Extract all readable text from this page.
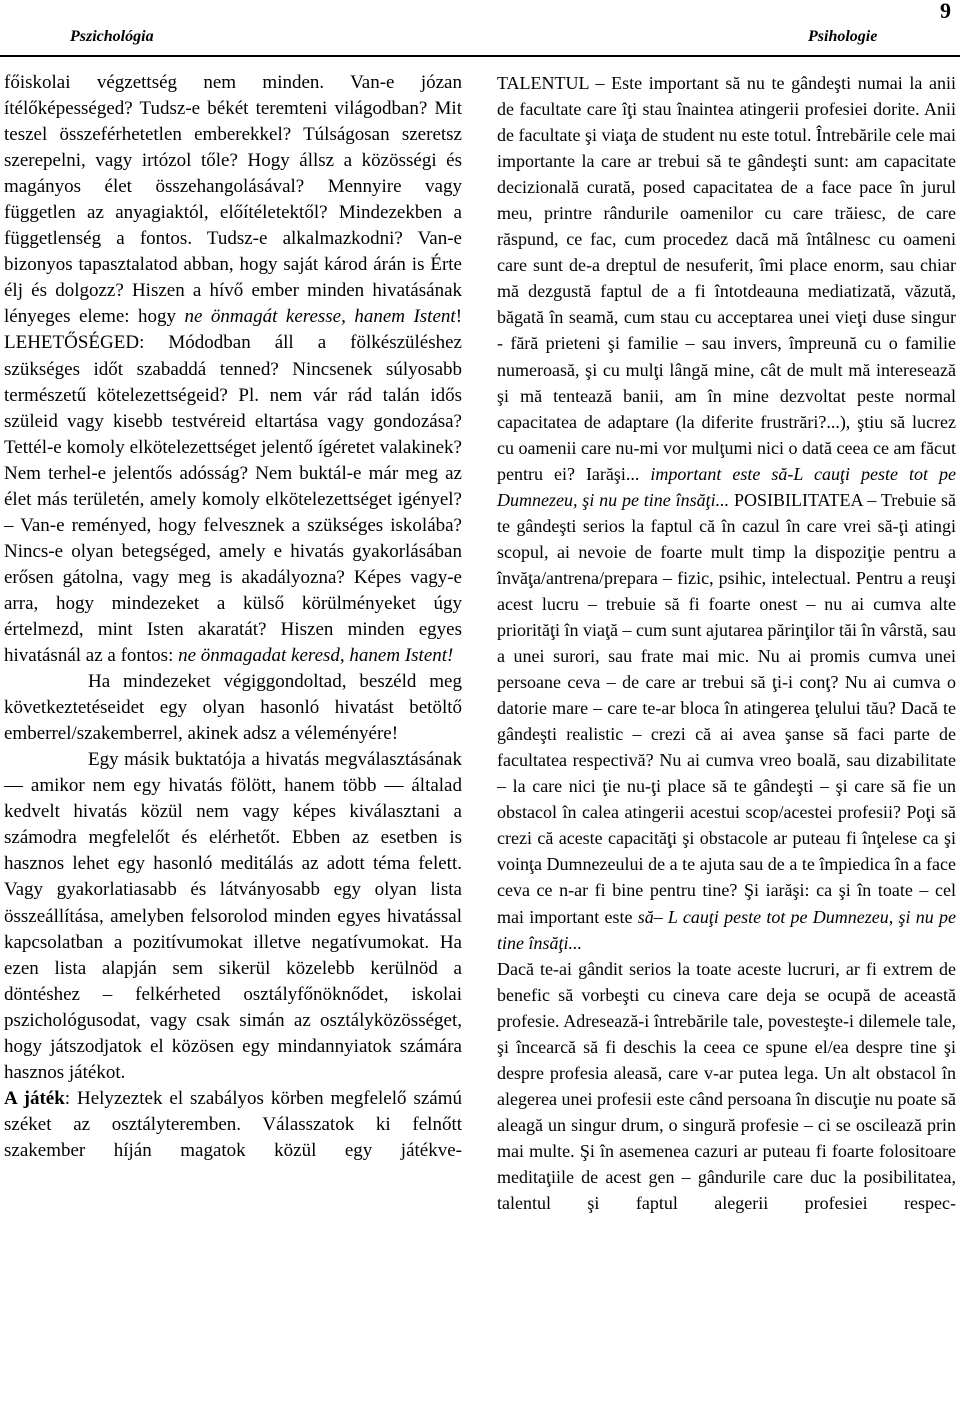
Pszichológia	Psihologie
9

főiskolai végzettség nem minden. Van-e józan ítélőképességed? Tudsz-e békét teremteni világodban? Mit teszel összeférhetetlen emberekkel? Túlságosan szeretsz szerepelni, vagy irtózol tőle? Hogy állsz a közösségi és magányos élet összehangolásával? Mennyire vagy független az anyagiaktól, előítéletektől? Mindezekben a függetlenség a fontos. Tudsz-e alkalmazkodni? Van-e bizonyos tapasztalatod abban, hogy saját károd árán is Érte élj és dolgozz? Hiszen a hívő ember minden hivatásának lényeges eleme: hogy ne önmagát keresse, hanem Istent! LEHETŐSÉGED: Módodban áll a fölkészüléshez szükséges időt szabaddá tenned? Nincsenek súlyosabb természetű kötelezettségeid? Pl. nem vár rád talán idős szüleid vagy kisebb testvéreid eltartása vagy gondozása? Tettél-e komoly elkötelezettséget jelentő ígéretet valakinek? Nem terhel-e jelentős adósság? Nem buktál-e már meg az élet más területén, amely komoly elkötelezettséget igényel? – Van-e reményed, hogy felvesznek a szükséges iskolába? Nincs-e olyan betegséged, amely e hivatás gyakorlásában erősen gátolna, vagy meg is akadályozna? Képes vagy-e arra, hogy mindezeket a külső körülményeket úgy értelmezd, mint Isten akaratát? Hiszen minden egyes hivatásnál az a fontos: ne önmagadat keresd, hanem Istent!

Ha mindezeket végiggondoltad, beszéld meg következtetéseidet egy olyan hasonló hivatást betöltő emberrel/szakemberrel, akinek adsz a véleményére!

Egy másik buktatója a hivatás megválasztásának — amikor nem egy hivatás fölött, hanem több — általad kedvelt hivatás közül nem vagy képes kiválasztani a számodra megfelelőt és elérhetőt. Ebben az esetben is hasznos lehet egy hasonló meditálás az adott téma felett. Vagy gyakorlatiasabb és látványosabb egy olyan lista összeállítása, amelyben felsorolod minden egyes hivatással kapcsolatban a pozitívumokat illetve negatívumokat. Ha ezen lista alapján sem sikerül közelebb kerülnöd a döntéshez – felkérheted osztályfőnöknődet, iskolai pszichológusodat, vagy csak simán az osztályközösséget, hogy játszodjatok el közösen egy mindannyiatok számára hasznos játékot.

A játék: Helyzeztek el szabályos körben megfelelő számú széket az osztályteremben. Válasszatok ki felnőtt szakember híján magatok közül egy játékve-

TALENTUL – Este important să nu te gândeşti numai la anii de facultate care îţi stau înaintea atingerii profesiei dorite. Anii de facultate şi viaţa de student nu este totul. Întrebările cele mai importante la care ar trebui să te gândeşti sunt: am capacitate decizională curată, posed capacitatea de a face pace în jurul meu, printre rândurile oamenilor cu care trăiesc, de care răspund, ce fac, cum procedez dacă mă întâlnesc cu oameni care sunt de-a dreptul de nesuferit, îmi place enorm, sau chiar mă dezgustă faptul de a fi întotdeauna mediatizată, văzută, băgată în seamă, cum stau cu acceptarea unei vieţi duse singur - fără prieteni şi familie – sau invers, împreună cu o familie numeroasă, şi cu mulţi lângă mine, cât de mult mă interesează şi mă tentează banii, am în mine dezvoltat peste normal capacitatea de adaptare (la diferite frustrări?...), ştiu să lucrez cu oamenii care nu-mi vor mulţumi nici o dată ceea ce am făcut pentru ei? Iarăşi... important este să-L cauţi peste tot pe Dumnezeu, şi nu pe tine însăţi... POSIBILITATEA – Trebuie să te gândeşti serios la faptul că în cazul în care vrei să-ţi atingi scopul, ai nevoie de foarte mult timp la dispoziţie pentru a învăţa/antrena/prepara – fizic, psihic, intelectual. Pentru a reuşi acest lucru – trebuie să fi foarte onest – nu ai cumva alte priorităţi în viaţă – cum sunt ajutarea părinţilor tăi în vârstă, sau a unei surori, sau frate mai mic. Nu ai promis cumva unei persoane ceva – de care ar trebui să ţi-i conţ? Nu ai cumva o datorie mare – care te-ar bloca în atingerea ţelului tău? Dacă te gândeşti realistic – crezi că ai avea şanse să faci parte de facultatea respectivă? Nu ai cumva vreo boală, sau dizabilitate – la care nici ţie nu-ţi place să te gândeşti – şi care să fie un obstacol în calea atingerii acestui scop/acestei profesii? Poţi să crezi că aceste capacităţi şi obstacole ar puteau fi înţelese ca şi voinţa Dumnezeului de a te ajuta sau de a te împiedica în a face ceva ce n-ar fi bine pentru tine? Şi iarăşi: ca şi în toate – cel mai important este să– L cauţi peste tot pe Dumnezeu, şi nu pe tine însăţi...

Dacă te-ai gândit serios la toate aceste lucruri, ar fi extrem de benefic să vorbeşti cu cineva care deja se ocupă de această profesie. Adresează-i întrebările tale, povesteşte-i dilemele tale, şi încearcă să fi deschis la ceea ce spune el/ea despre tine şi despre profesia aleasă, care v-ar putea lega. Un alt obstacol în alegerea unei profesii este când persoana în discuţie nu poate să aleagă un singur drum, o singură profesie – ci se oscilează prin mai multe. Şi în asemenea cazuri ar puteau fi foarte folositoare meditaţiile de acest gen – gândurile care duc la posibilitatea, talentul şi faptul alegerii profesiei respec-
